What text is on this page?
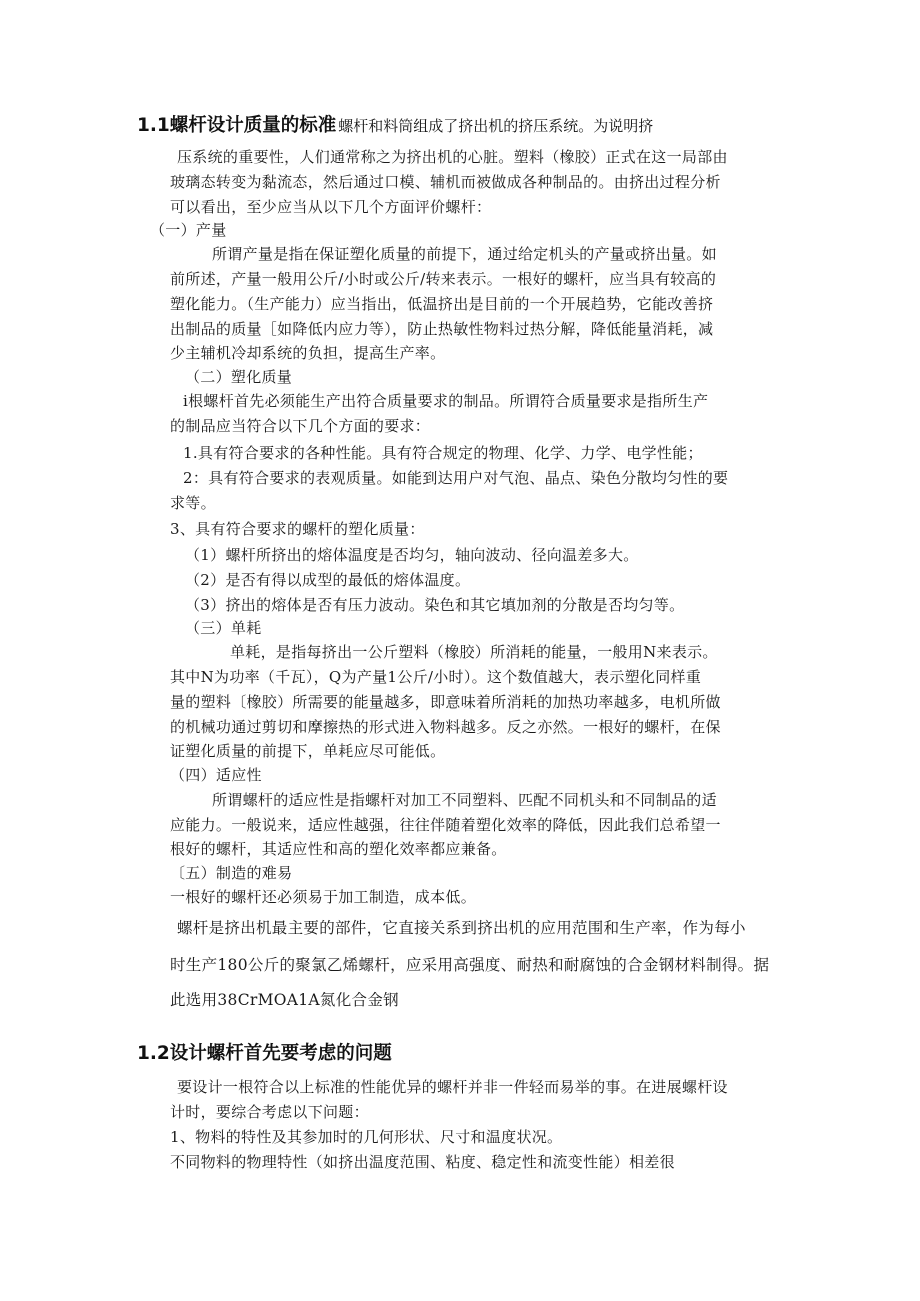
1.1螺杆设计质量的标准 螺杆和料筒组成了挤出机的挤压系统。为说明挤
压系统的重要性，人们通常称之为挤出机的心脏。塑料（橡胶）正式在这一局部由
玻璃态转变为黏流态，然后通过口模、辅机而被做成各种制品的。由挤出过程分析
可以看出，至少应当从以下几个方面评价螺杆：
（一）产量
所谓产量是指在保证塑化质量的前提下，通过给定机头的产量或挤出量。如
前所述，产量一般用公斤/小时或公斤/转来表示。一根好的螺杆，应当具有较高的
塑化能力。（生产能力）应当指出，低温挤出是目前的一个开展趋势，它能改善挤
出制品的质量［如降低内应力等），防止热敏性物料过热分解，降低能量消耗，减
少主辅机冷却系统的负担，提高生产率。
（二）塑化质量
i根螺杆首先必须能生产出符合质量要求的制品。所谓符合质量要求是指所生产
的制品应当符合以下几个方面的要求：
1.具有符合要求的各种性能。具有符合规定的物理、化学、力学、电学性能；
2：具有符合要求的表观质量。如能到达用户对气泡、晶点、染色分散均匀性的要
求等。
3、具有符合要求的螺杆的塑化质量：
（1）螺杆所挤出的熔体温度是否均匀，轴向波动、径向温差多大。
（2）是否有得以成型的最低的熔体温度。
（3）挤出的熔体是否有压力波动。染色和其它填加剂的分散是否均匀等。
（三）单耗
单耗，是指每挤出一公斤塑料（橡胶）所消耗的能量，一般用N来表示。
其中N为功率（千瓦），Q为产量1公斤/小时）。这个数值越大，表示塑化同样重
量的塑料〔橡胶）所需要的能量越多，即意味着所消耗的加热功率越多，电机所做
的机械功通过剪切和摩擦热的形式进入物料越多。反之亦然。一根好的螺杆，在保
证塑化质量的前提下，单耗应尽可能低。
（四）适应性
所谓螺杆的适应性是指螺杆对加工不同塑料、匹配不同机头和不同制品的适
应能力。一般说来，适应性越强，往往伴随着塑化效率的降低，因此我们总希望一
根好的螺杆，其适应性和高的塑化效率都应兼备。
〔五）制造的难易
一根好的螺杆还必须易于加工制造，成本低。
螺杆是挤出机最主要的部件，它直接关系到挤出机的应用范围和生产率，作为每小
时生产180公斤的聚氯乙烯螺杆，应采用高强度、耐热和耐腐蚀的合金钢材料制得。据
此选用38CrMOA1A氮化合金钢
1.2设计螺杆首先要考虑的问题
要设计一根符合以上标准的性能优异的螺杆并非一件轻而易举的事。在进展螺杆设
计时，要综合考虑以下问题：
1、物料的特性及其参加时的几何形状、尺寸和温度状况。
不同物料的物理特性（如挤出温度范围、粘度、稳定性和流变性能）相差很
